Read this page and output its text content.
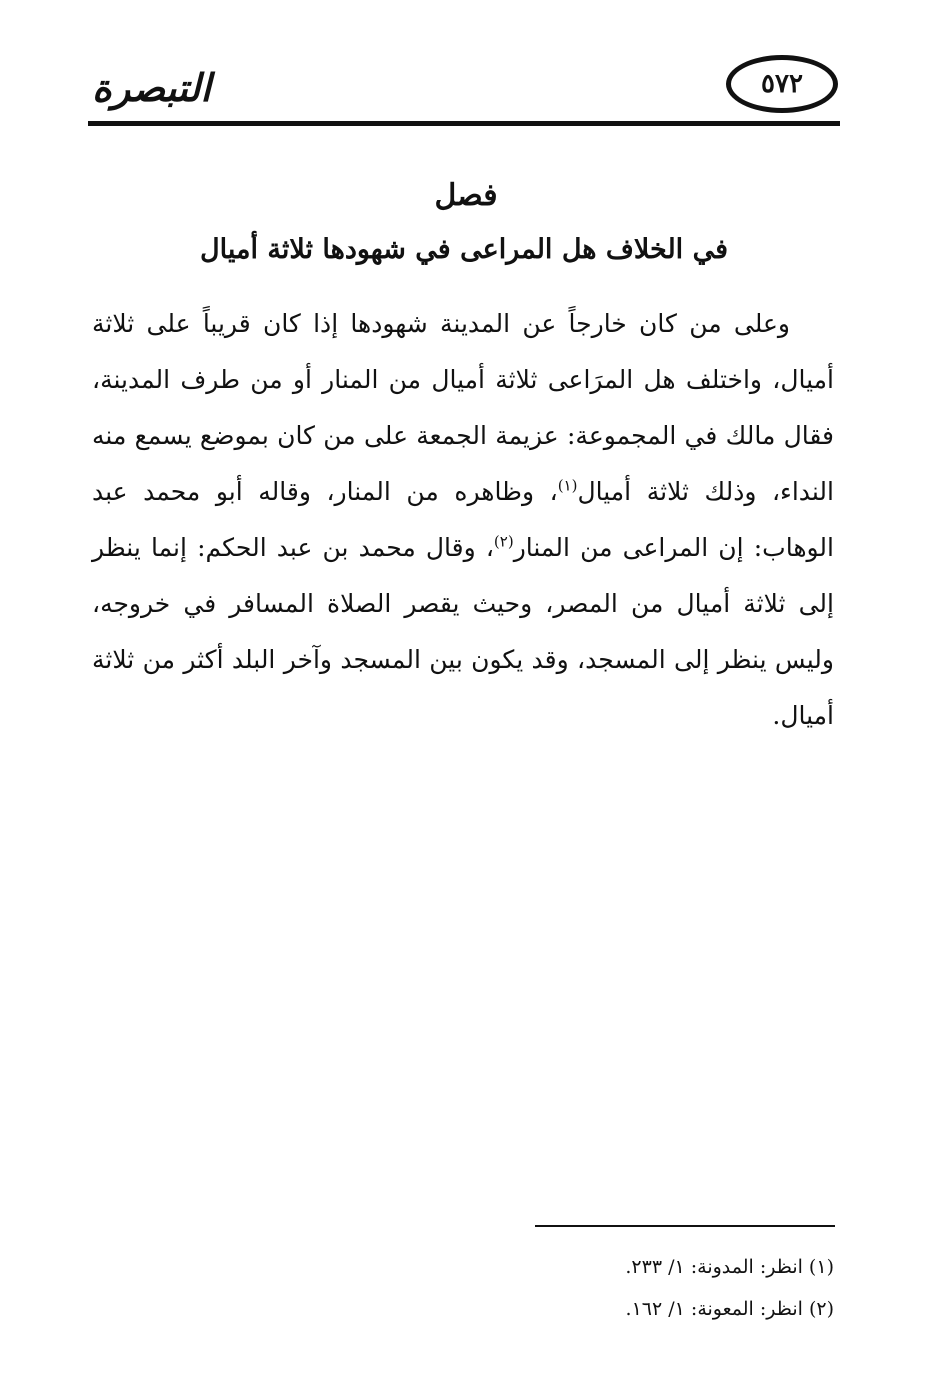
التبصرة	٥٧٢
فصل
في الخلاف هل المراعى في شهودها ثلاثة أميال

وعلى من كان خارجاً عن المدينة شهودها إذا كان قريباً على ثلاثة أميال، واختلف هل المرَاعى ثلاثة أميال من المنار أو من طرف المدينة، فقال مالك في المجموعة: عزيمة الجمعة على من كان بموضع يسمع منه النداء، وذلك ثلاثة أميال$^{(١)}$، وظاهره من المنار، وقاله أبو محمد عبد الوهاب: إن المراعى من المنار$^{(٢)}$، وقال محمد بن عبد الحكم: إنما ينظر إلى ثلاثة أميال من المصر، وحيث يقصر الصلاة المسافر في خروجه، وليس ينظر إلى المسجد، وقد يكون بين المسجد وآخر البلد أكثر من ثلاثة أميال.

(١) انظر: المدونة: ١/ ٢٣٣.

(٢) انظر: المعونة: ١/ ١٦٢.
